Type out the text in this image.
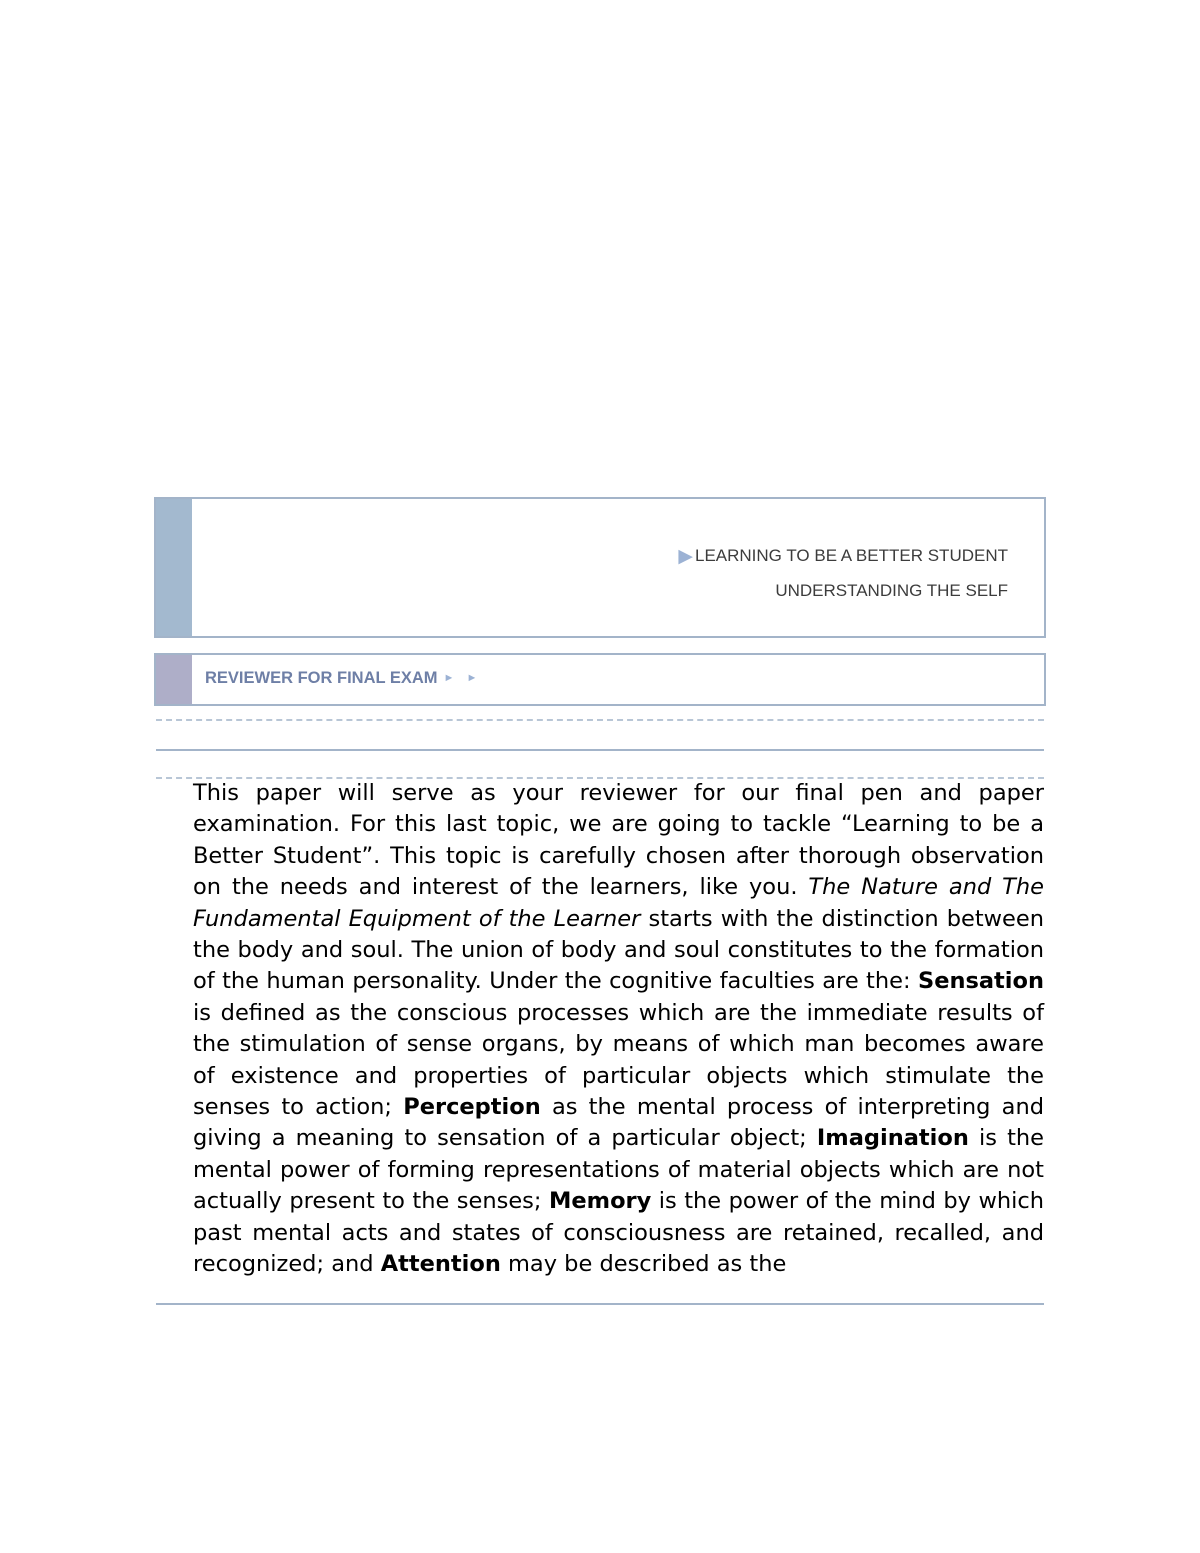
▶ LEARNING TO BE A BETTER STUDENT
UNDERSTANDING THE SELF
REVIEWER FOR FINAL EXAM ► ►

This paper will serve as your reviewer for our final pen and paper examination. For this last topic, we are going to tackle “Learning to be a Better Student”. This topic is carefully chosen after thorough observation on the needs and interest of the learners, like you. The Nature and The Fundamental Equipment of the Learner starts with the distinction between the body and soul. The union of body and soul constitutes to the formation of the human personality. Under the cognitive faculties are the: Sensation is defined as the conscious processes which are the immediate results of the stimulation of sense organs, by means of which man becomes aware of existence and properties of particular objects which stimulate the senses to action; Perception as the mental process of interpreting and giving a meaning to sensation of a particular object; Imagination is the mental power of forming representations of material objects which are not actually present to the senses; Memory is the power of the mind by which past mental acts and states of consciousness are retained, recalled, and recognized; and Attention may be described as the
